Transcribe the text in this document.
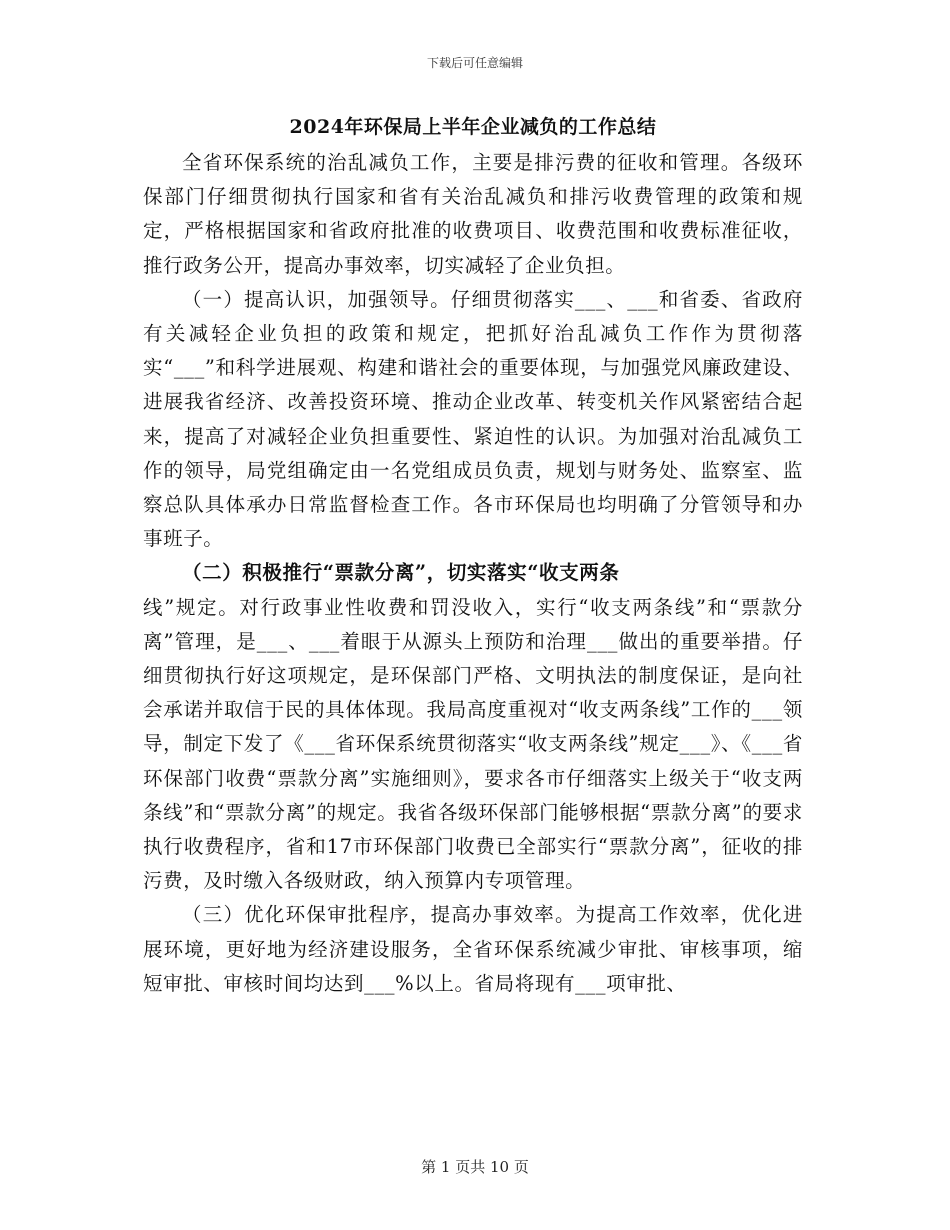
下载后可任意编辑
2024年环保局上半年企业减负的工作总结

全省环保系统的治乱减负工作，主要是排污费的征收和管理。各级环保部门仔细贯彻执行国家和省有关治乱减负和排污收费管理的政策和规定，严格根据国家和省政府批准的收费项目、收费范围和收费标准征收，推行政务公开，提高办事效率，切实减轻了企业负担。

（一）提高认识，加强领导。仔细贯彻落实___、___和省委、省政府有关减轻企业负担的政策和规定，把抓好治乱减负工作作为贯彻落实“___”和科学进展观、构建和谐社会的重要体现，与加强党风廉政建设、进展我省经济、改善投资环境、推动企业改革、转变机关作风紧密结合起来，提高了对减轻企业负担重要性、紧迫性的认识。为加强对治乱减负工作的领导，局党组确定由一名党组成员负责，规划与财务处、监察室、监察总队具体承办日常监督检查工作。各市环保局也均明确了分管领导和办事班子。

（二）积极推行“票款分离”，切实落实“收支两条

线”规定。对行政事业性收费和罚没收入，实行“收支两条线”和“票款分离”管理，是___、___着眼于从源头上预防和治理___做出的重要举措。仔细贯彻执行好这项规定，是环保部门严格、文明执法的制度保证，是向社会承诺并取信于民的具体体现。我局高度重视对“收支两条线”工作的___领导，制定下发了《___省环保系统贯彻落实“收支两条线”规定___》、《___省环保部门收费“票款分离”实施细则》，要求各市仔细落实上级关于“收支两条线”和“票款分离”的规定。我省各级环保部门能够根据“票款分离”的要求执行收费程序，省和17市环保部门收费已全部实行“票款分离”，征收的排污费，及时缴入各级财政，纳入预算内专项管理。

（三）优化环保审批程序，提高办事效率。为提高工作效率，优化进展环境，更好地为经济建设服务，全省环保系统减少审批、审核事项，缩短审批、审核时间均达到___%以上。省局将现有___项审批、

第 1 页共 10 页
